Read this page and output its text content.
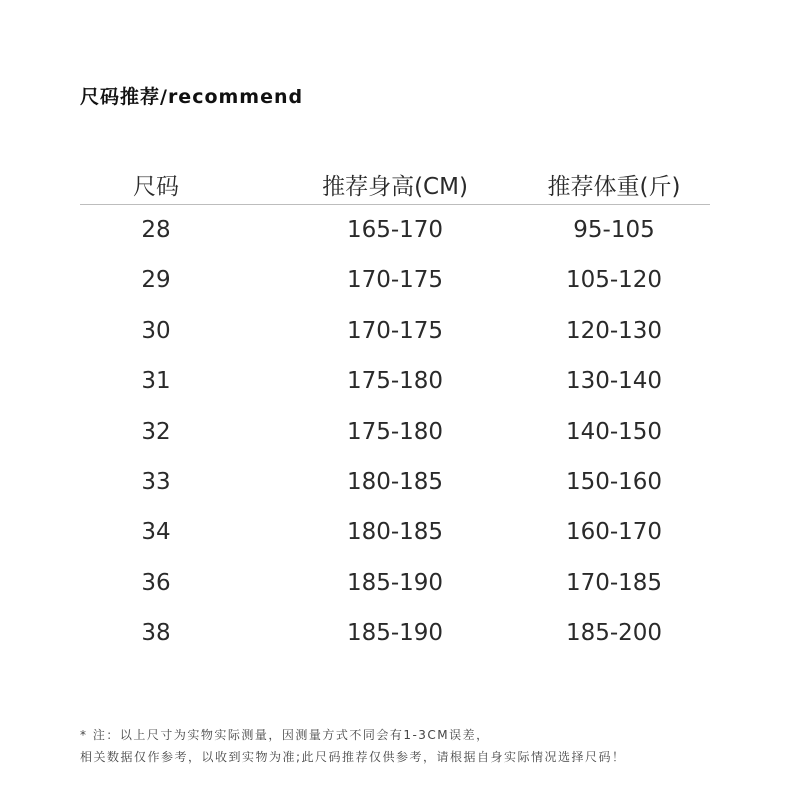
尺码推荐/recommend
尺码	推荐身高(CM)	推荐体重(斤)
28	165-170	95-105
29	170-175	105-120
30	170-175	120-130
31	175-180	130-140
32	175-180	140-150
33	180-185	150-160
34	180-185	160-170
36	185-190	170-185
38	185-190	185-200
* 注：以上尺寸为实物实际测量，因测量方式不同会有1-3CM误差，
相关数据仅作参考，以收到实物为准;此尺码推荐仅供参考，请根据自身实际情况选择尺码！
